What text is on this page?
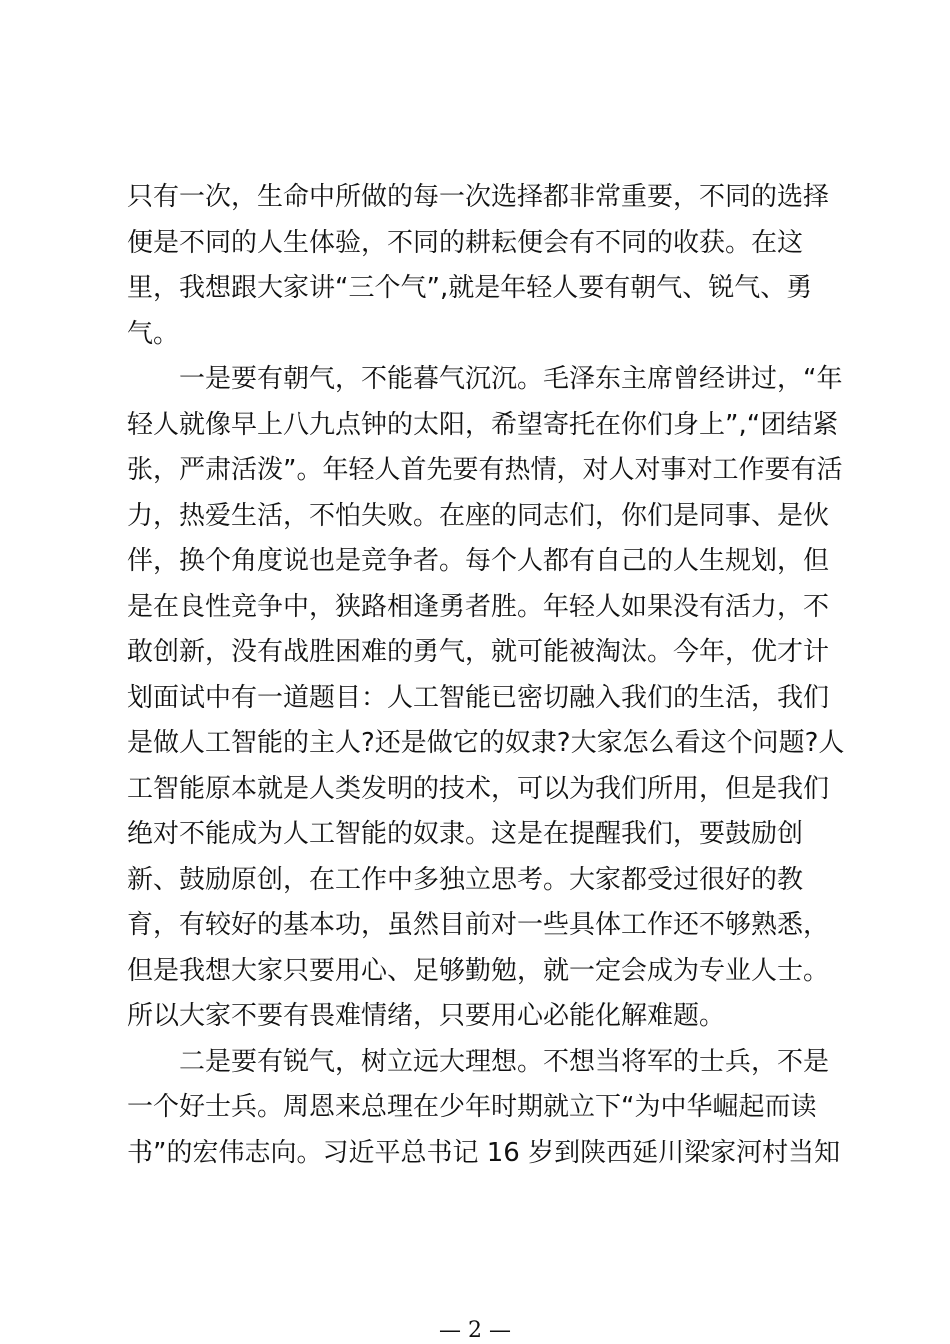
只有一次，生命中所做的每一次选择都非常重要，不同的选择
便是不同的人生体验，不同的耕耘便会有不同的收获。在这
里，我想跟大家讲“三个气”,就是年轻人要有朝气、锐气、勇
气。
　　一是要有朝气，不能暮气沉沉。毛泽东主席曾经讲过，“年
轻人就像早上八九点钟的太阳，希望寄托在你们身上”,“团结紧
张，严肃活泼”。年轻人首先要有热情，对人对事对工作要有活
力，热爱生活，不怕失败。在座的同志们，你们是同事、是伙
伴，换个角度说也是竞争者。每个人都有自己的人生规划，但
是在良性竞争中，狭路相逢勇者胜。年轻人如果没有活力，不
敢创新，没有战胜困难的勇气，就可能被淘汰。今年，优才计
划面试中有一道题目：人工智能已密切融入我们的生活，我们
是做人工智能的主人?还是做它的奴隶?大家怎么看这个问题?人
工智能原本就是人类发明的技术，可以为我们所用，但是我们
绝对不能成为人工智能的奴隶。这是在提醒我们，要鼓励创
新、鼓励原创，在工作中多独立思考。大家都受过很好的教
育，有较好的基本功，虽然目前对一些具体工作还不够熟悉，
但是我想大家只要用心、足够勤勉，就一定会成为专业人士。
所以大家不要有畏难情绪，只要用心必能化解难题。
　　二是要有锐气，树立远大理想。不想当将军的士兵，不是
一个好士兵。周恩来总理在少年时期就立下“为中华崛起而读
书”的宏伟志向。习近平总书记 16 岁到陕西延川梁家河村当知
— 2 —
